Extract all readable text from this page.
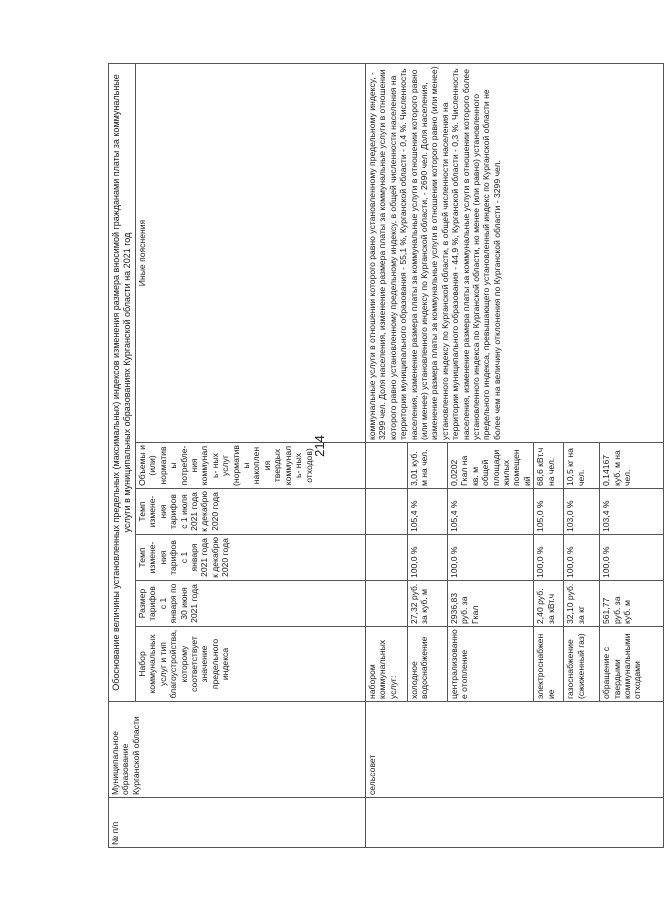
214
№ п/п	Муниципальное образование Курганской области	Обоснование величины установленных предельных (максимальных) индексов изменения размера вносимой гражданами платы за коммунальные услуги в муниципальных образованиях Курганской области на 2021 год					
		Набор коммунальных услуг и тип благоустройства, которому соответствует значение предельного индекса	Размер тарифов с 1 января по 30 июня 2021 года	Темп измене- ния тарифов с 1 января 2021 года к декабрю 2020 года	Темп измене- ния тарифов с 1 июля 2021 года к декабрю 2020 года	Объемы и (или) нормативы потребле- ния коммуналь- ных услуг (нормативы накопления твердых коммуналь- ных отходов)	Иные пояснения
	сельсовет	набором коммунальных услуг:					коммунальные услуги в отношении которого равно установленному предельному индексу, - 3299 чел. Доля населения, изменение размера платы за коммунальные услуги в отношении которого равно установленному предельному индексу, в общей численности населения на территории муниципального образования - 55,1 %, Курганской области - 0,4 %. Численность населения, изменение размера платы за коммунальные услуги в отношении которого равно (или менее) установленного индексу по Курганской области, - 2690 чел. Доля населения, изменение размера платы за коммунальные услуги в отношении которого равно (или менее) установленного индексу по Курганской области, в общей численности населения на территории муниципального образования - 44,9 %, Курганской области - 0,3 %. Численность населения, изменение размера платы за коммунальные услуги в отношении которого более установленного индекса по Курганской области, но менее (или равно) установленного предельного индекса, превышающего установленный индекс по Курганской области не более чем на величину отклонения по Курганской области - 3299 чел.
		холодное водоснабжение	27,32 руб. за куб. м	100,0 %	105,4 %	3,01 куб. м на чел.	
		централизованное отопление	2936,83 руб. за Гкал	100,0 %	105,4 %	0,0202 Гкал на кв. м общей площади жилых помещений	
		электроснабжение	2,40 руб. за кВт.ч	100,0 %	105,0 %	68,6 кВт.ч на чел.	
		газоснабжение (сжиженный газ)	32,10 руб. за кг	100,0 %	103,0 %	10,5 кг на чел.	
		обращение с твердыми коммунальными отходами	561,77 руб. за куб. м	100,0 %	103,4 %	0,14167 куб. м на чел.	
